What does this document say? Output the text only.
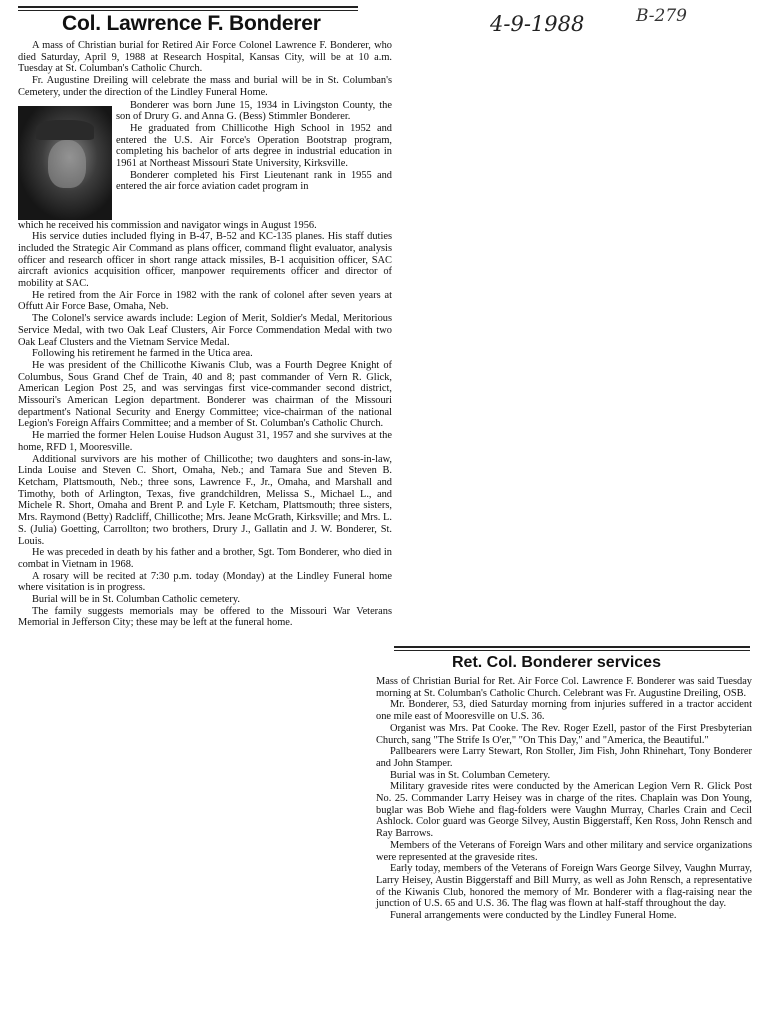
Col. Lawrence F. Bonderer	4-9-1988	B-279

A mass of Christian burial for Retired Air Force Colonel Lawrence F. Bonderer, who died Saturday, April 9, 1988 at Research Hospital, Kansas City, will be at 10 a.m. Tuesday at St. Columban's Catholic Church.

Fr. Augustine Dreiling will celebrate the mass and burial will be in St. Columban's Cemetery, under the direction of the Lindley Funeral Home.

Bonderer was born June 15, 1934 in Livingston County, the son of Drury G. and Anna G. (Bess) Stimmler Bonderer.

He graduated from Chillicothe High School in 1952 and entered the U.S. Air Force's Operation Bootstrap program, completing his bachelor of arts degree in industrial education in 1961 at Northeast Missouri State University, Kirksville.

Bonderer completed his First Lieutenant rank in 1955 and entered the air force aviation cadet program in

which he received his commission and navigator wings in August 1956.

His service duties included flying in B-47, B-52 and KC-135 planes. His staff duties included the Strategic Air Command as plans officer, command flight evaluator, analysis officer and research officer in short range attack missiles, B-1 acquisition officer, SAC aircraft avionics acquisition officer, manpower requirements officer and director of mobility at SAC.

He retired from the Air Force in 1982 with the rank of colonel after seven years at Offutt Air Force Base, Omaha, Neb.

The Colonel's service awards include: Legion of Merit, Soldier's Medal, Meritorious Service Medal, with two Oak Leaf Clusters, Air Force Commendation Medal with two Oak Leaf Clusters and the Vietnam Service Medal.

Following his retirement he farmed in the Utica area.

He was president of the Chillicothe Kiwanis Club, was a Fourth Degree Knight of Columbus, Sous Grand Chef de Train, 40 and 8; past commander of Vern R. Glick, American Legion Post 25, and was servingas first vice-commander second district, Missouri's American Legion department. Bonderer was chairman of the Missouri department's National Security and Energy Committee; vice-chairman of the national Legion's Foreign Affairs Committee; and a member of St. Columban's Catholic Church.

He married the former Helen Louise Hudson August 31, 1957 and she survives at the home, RFD 1, Mooresville.

Additional survivors are his mother of Chillicothe; two daughters and sons-in-law, Linda Louise and Steven C. Short, Omaha, Neb.; and Tamara Sue and Steven B. Ketcham, Plattsmouth, Neb.; three sons, Lawrence F., Jr., Omaha, and Marshall and Timothy, both of Arlington, Texas, five grandchildren, Melissa S., Michael L., and Michele R. Short, Omaha and Brent P. and Lyle F. Ketcham, Plattsmouth; three sisters, Mrs. Raymond (Betty) Radcliff, Chillicothe; Mrs. Jeane McGrath, Kirksville; and Mrs. L. S. (Julia) Goetting, Carrollton; two brothers, Drury J., Gallatin and J. W. Bonderer, St. Louis.

He was preceded in death by his father and a brother, Sgt. Tom Bonderer, who died in combat in Vietnam in 1968.

A rosary will be recited at 7:30 p.m. today (Monday) at the Lindley Funeral home where visitation is in progress.

Burial will be in St. Columban Catholic cemetery.

The family suggests memorials may be offered to the Missouri War Veterans Memorial in Jefferson City; these may be left at the funeral home.

Ret. Col. Bonderer services

Mass of Christian Burial for Ret. Air Force Col. Lawrence F. Bonderer was said Tuesday morning at St. Columban's Catholic Church. Celebrant was Fr. Augustine Dreiling, OSB.

Mr. Bonderer, 53, died Saturday morning from injuries suffered in a tractor accident one mile east of Mooresville on U.S. 36.

Organist was Mrs. Pat Cooke. The Rev. Roger Ezell, pastor of the First Presbyterian Church, sang "The Strife Is O'er," "On This Day," and "America, the Beautiful."

Pallbearers were Larry Stewart, Ron Stoller, Jim Fish, John Rhinehart, Tony Bonderer and John Stamper.

Burial was in St. Columban Cemetery.

Military graveside rites were conducted by the American Legion Vern R. Glick Post No. 25. Commander Larry Heisey was in charge of the rites. Chaplain was Don Young, buglar was Bob Wiehe and flag-folders were Vaughn Murray, Charles Crain and Cecil Ashlock. Color guard was George Silvey, Austin Biggerstaff, Ken Ross, John Rensch and Ray Barrows.

Members of the Veterans of Foreign Wars and other military and service organizations were represented at the graveside rites.

Early today, members of the Veterans of Foreign Wars George Silvey, Vaughn Murray, Larry Heisey, Austin Biggerstaff and Bill Murry, as well as John Rensch, a representative of the Kiwanis Club, honored the memory of Mr. Bonderer with a flag-raising near the junction of U.S. 65 and U.S. 36. The flag was flown at half-staff throughout the day.

Funeral arrangements were conducted by the Lindley Funeral Home.
